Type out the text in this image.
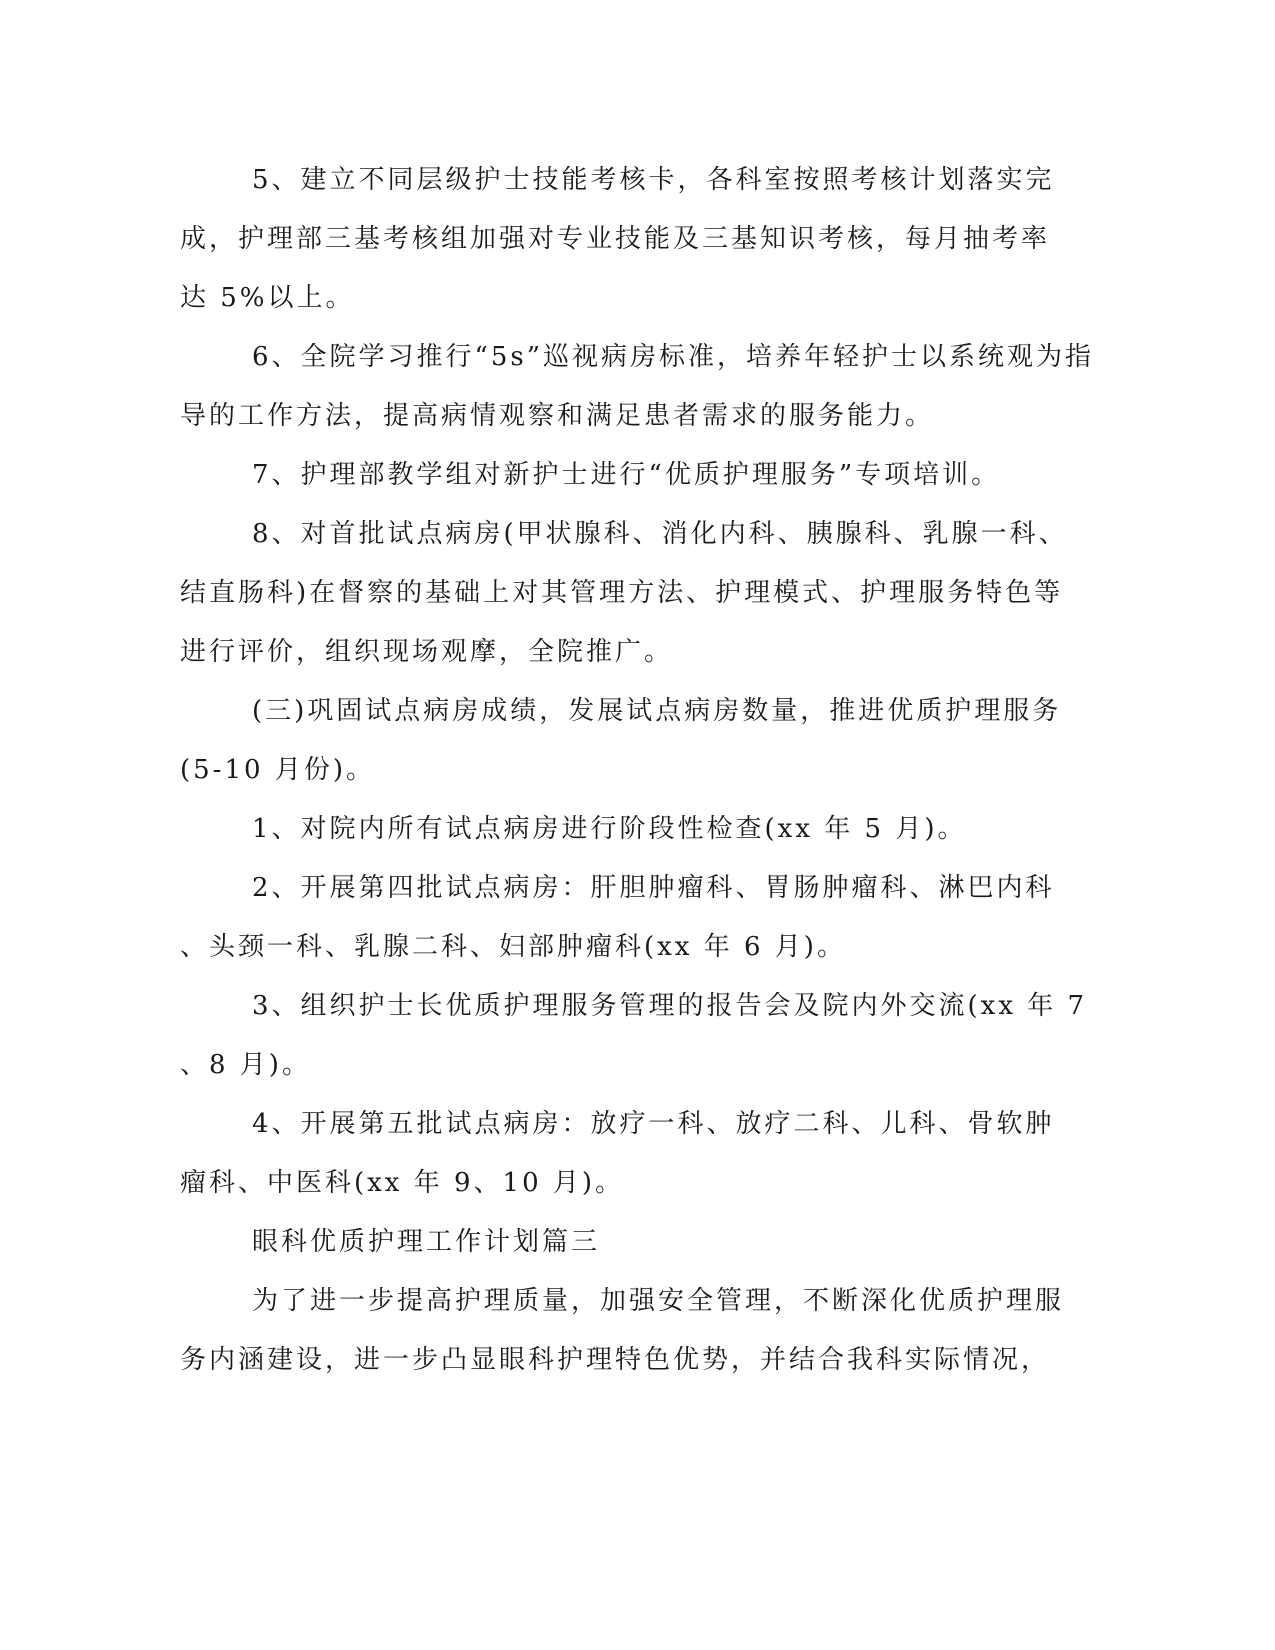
5、建立不同层级护士技能考核卡，各科室按照考核计划落实完
成，护理部三基考核组加强对专业技能及三基知识考核，每月抽考率
达 5%以上。
6、全院学习推行“5s”巡视病房标准，培养年轻护士以系统观为指
导的工作方法，提高病情观察和满足患者需求的服务能力。
7、护理部教学组对新护士进行“优质护理服务”专项培训。
8、对首批试点病房(甲状腺科、消化内科、胰腺科、乳腺一科、
结直肠科)在督察的基础上对其管理方法、护理模式、护理服务特色等
进行评价，组织现场观摩，全院推广。
(三)巩固试点病房成绩，发展试点病房数量，推进优质护理服务
(5-10 月份)。
1、对院内所有试点病房进行阶段性检查(xx 年 5 月)。
2、开展第四批试点病房：肝胆肿瘤科、胃肠肿瘤科、淋巴内科
、头颈一科、乳腺二科、妇部肿瘤科(xx 年 6 月)。
3、组织护士长优质护理服务管理的报告会及院内外交流(xx 年 7
、8 月)。
4、开展第五批试点病房：放疗一科、放疗二科、儿科、骨软肿
瘤科、中医科(xx 年 9、10 月)。
眼科优质护理工作计划篇三
为了进一步提高护理质量，加强安全管理，不断深化优质护理服
务内涵建设，进一步凸显眼科护理特色优势，并结合我科实际情况，
